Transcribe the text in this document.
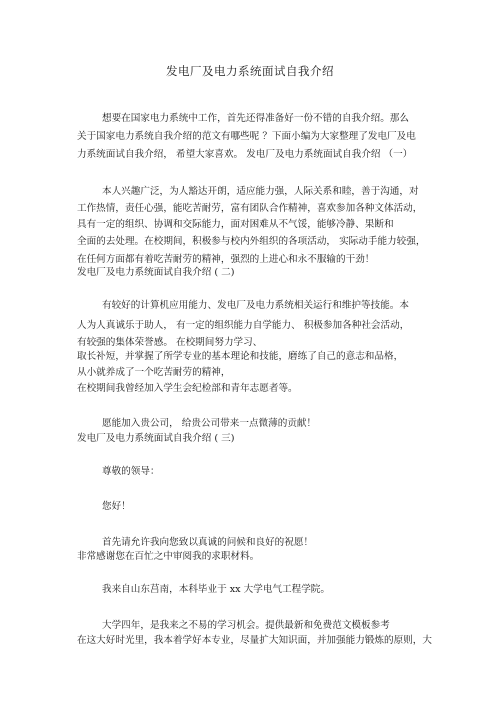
发电厂及电力系统面试自我介绍
想要在国家电力系统中工作，首先还得准备好一份不错的自我介绍。那么
关于国家电力系统自我介绍的范文有哪些呢 ？下面小编为大家整理了发电厂及电
力系统面试自我介绍， 希望大家喜欢。 发电厂及电力系统面试自我介绍 （一）
本人兴趣广泛，为人豁达开朗，适应能力强，人际关系和睦，善于沟通，对
工作热情，责任心强，能吃苦耐劳，富有团队合作精神，喜欢参加各种文体活动，
具有一定的组织、协调和交际能力，面对困难从不气馁，能够冷静、果断和
全面的去处理。在校期间，积极参与校内外组织的各项活动， 实际动手能力较强，
在任何方面都有着吃苦耐劳的精神，强烈的上进心和永不服输的干劲！
发电厂及电力系统面试自我介绍 ( 二)
有较好的计算机应用能力、发电厂及电力系统相关运行和维护等技能。本
人为人真诚乐于助人， 有一定的组织能力自学能力、 积极参加各种社会活动，
有较强的集体荣誉感。 在校期间努力学习、
取长补短，并掌握了所学专业的基本理论和技能，磨练了自己的意志和品格，
从小就养成了一个吃苦耐劳的精神，
在校期间我曾经加入学生会纪检部和青年志愿者等。
愿能加入贵公司， 给贵公司带来一点微薄的贡献！
发电厂及电力系统面试自我介绍 ( 三)
尊敬的领导：
您好！
首先请允许我向您致以真诚的问候和良好的祝愿！
非常感谢您在百忙之中审阅我的求职材料。
我来自山东莒南，本科毕业于 xx 大学电气工程学院。
大学四年，是我来之不易的学习机会。提供最新和免费范文模板参考
在这大好时光里，我本着学好本专业，尽量扩大知识面，并加强能力锻炼的原则，大
